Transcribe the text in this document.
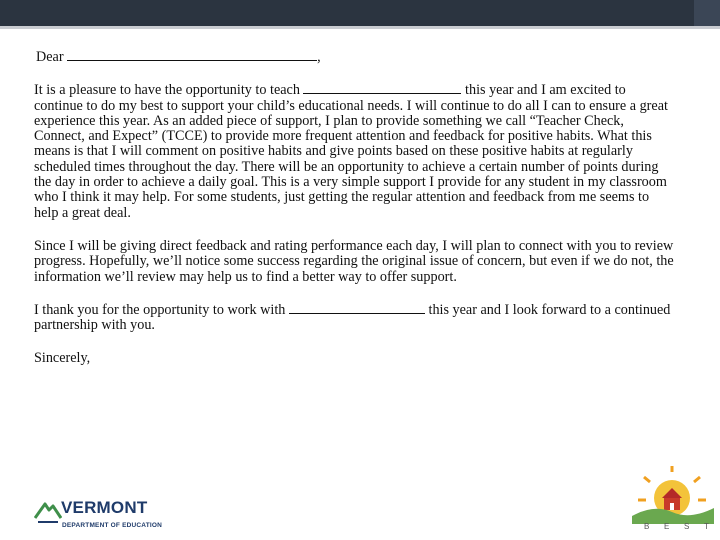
Dear	,
It is a pleasure to have the opportunity to teach	this year and I am excited to continue to do my best to support your child’s educational needs. I will continue to do all I can to ensure a great experience this year. As an added piece of support, I plan to provide something we call “Teacher Check, Connect, and Expect” (TCCE) to provide more frequent attention and feedback for positive habits. What this means is that I will comment on positive habits and give points based on these positive habits at regularly scheduled times throughout the day. There will be an opportunity to achieve a certain number of points during the day in order to achieve a daily goal. This is a very simple support I provide for any student in my classroom who I think it may help. For some students, just getting the regular attention and feedback from me seems to help a great deal.
Since I will be giving direct feedback and rating performance each day, I will plan to connect with you to review progress. Hopefully, we’ll notice some success regarding the original issue of concern, but even if we do not, the information we’ll review may help us to find a better way to offer support.
I thank you for the opportunity to work with	this year and I look forward to a continued partnership with you.
Sincerely,
VERMONT
DEPARTMENT OF EDUCATION	B E S T
